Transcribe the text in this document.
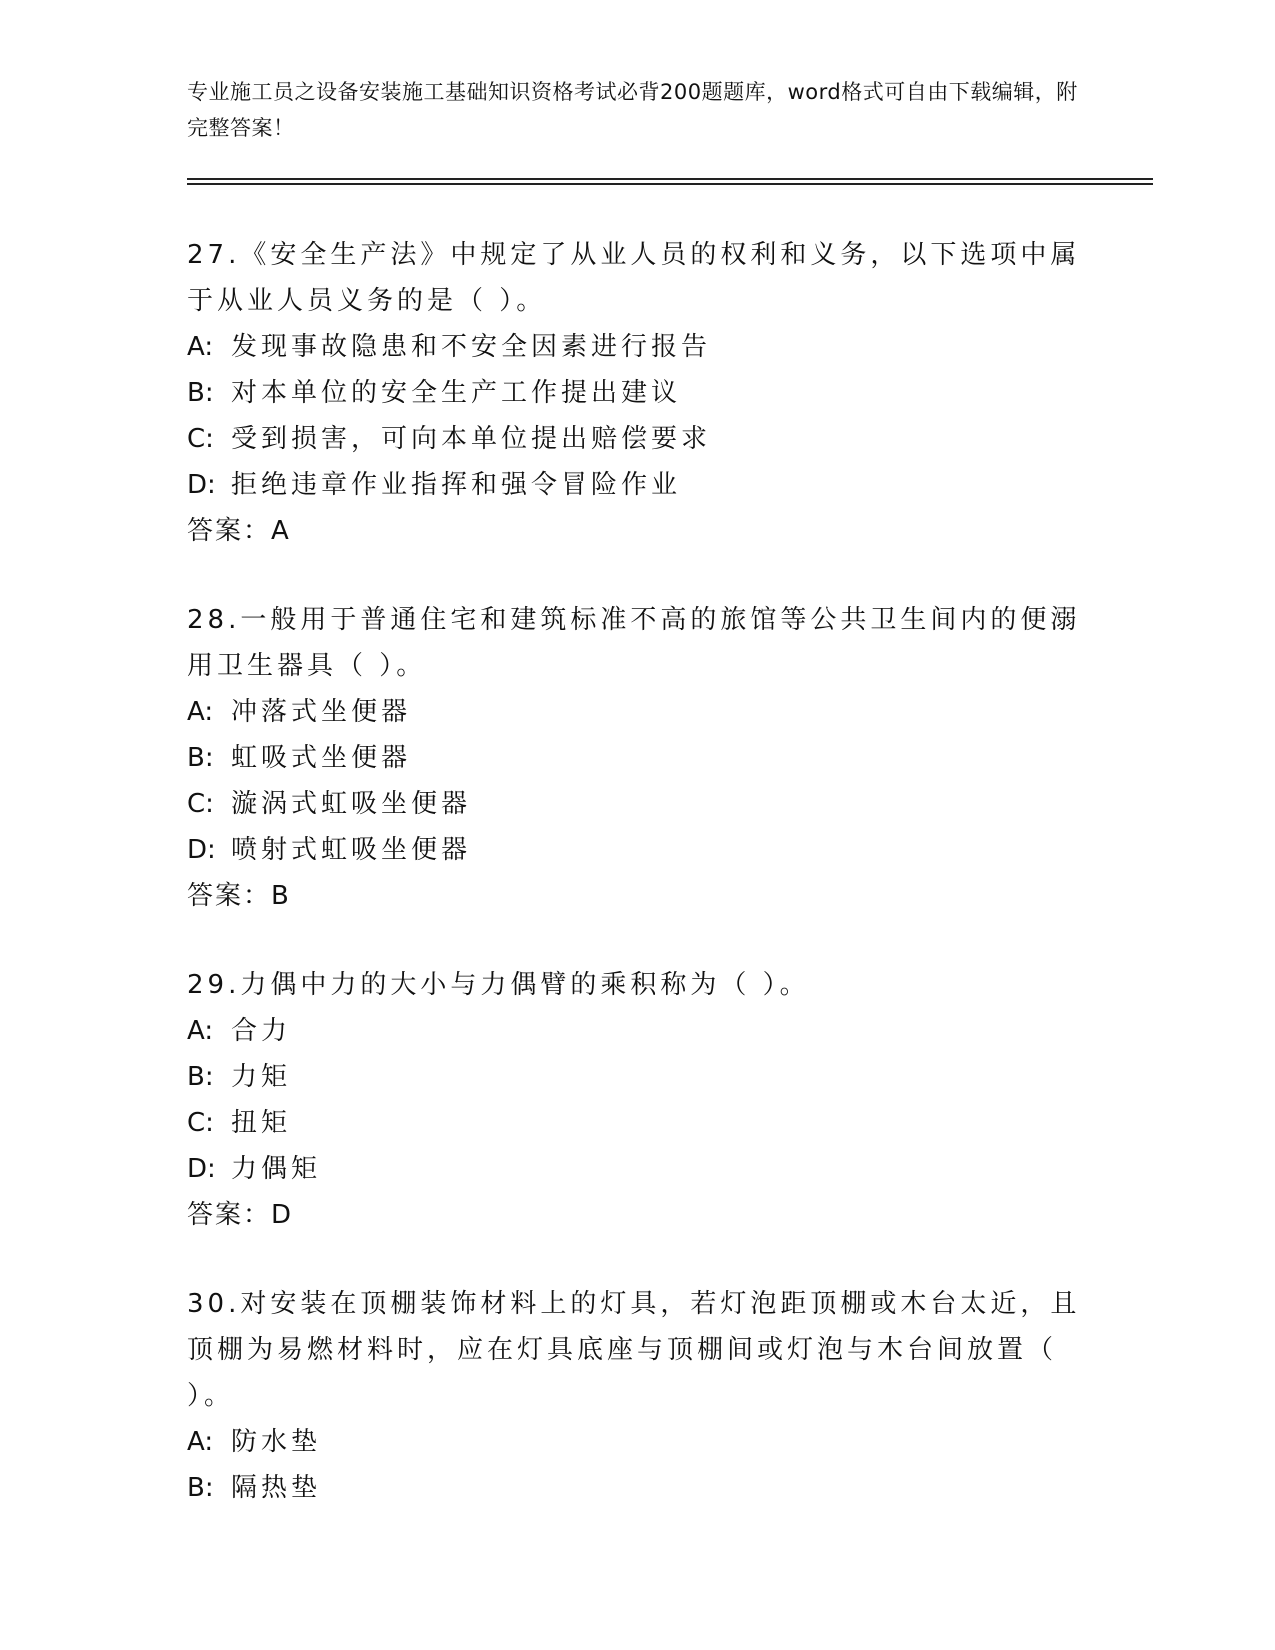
专业施工员之设备安装施工基础知识资格考试必背200题题库，word格式可自由下载编辑，附完整答案！
27.《安全生产法》中规定了从业人员的权利和义务，以下选项中属于从业人员义务的是（ ）。
A: 发现事故隐患和不安全因素进行报告
B: 对本单位的安全生产工作提出建议
C: 受到损害，可向本单位提出赔偿要求
D: 拒绝违章作业指挥和强令冒险作业
答案：A
28.一般用于普通住宅和建筑标准不高的旅馆等公共卫生间内的便溺用卫生器具（ ）。
A: 冲落式坐便器
B: 虹吸式坐便器
C: 漩涡式虹吸坐便器
D: 喷射式虹吸坐便器
答案：B
29.力偶中力的大小与力偶臂的乘积称为（ ）。
A: 合力
B: 力矩
C: 扭矩
D: 力偶矩
答案：D
30.对安装在顶棚装饰材料上的灯具，若灯泡距顶棚或木台太近，且顶棚为易燃材料时，应在灯具底座与顶棚间或灯泡与木台间放置（ ）。
A: 防水垫
B: 隔热垫
